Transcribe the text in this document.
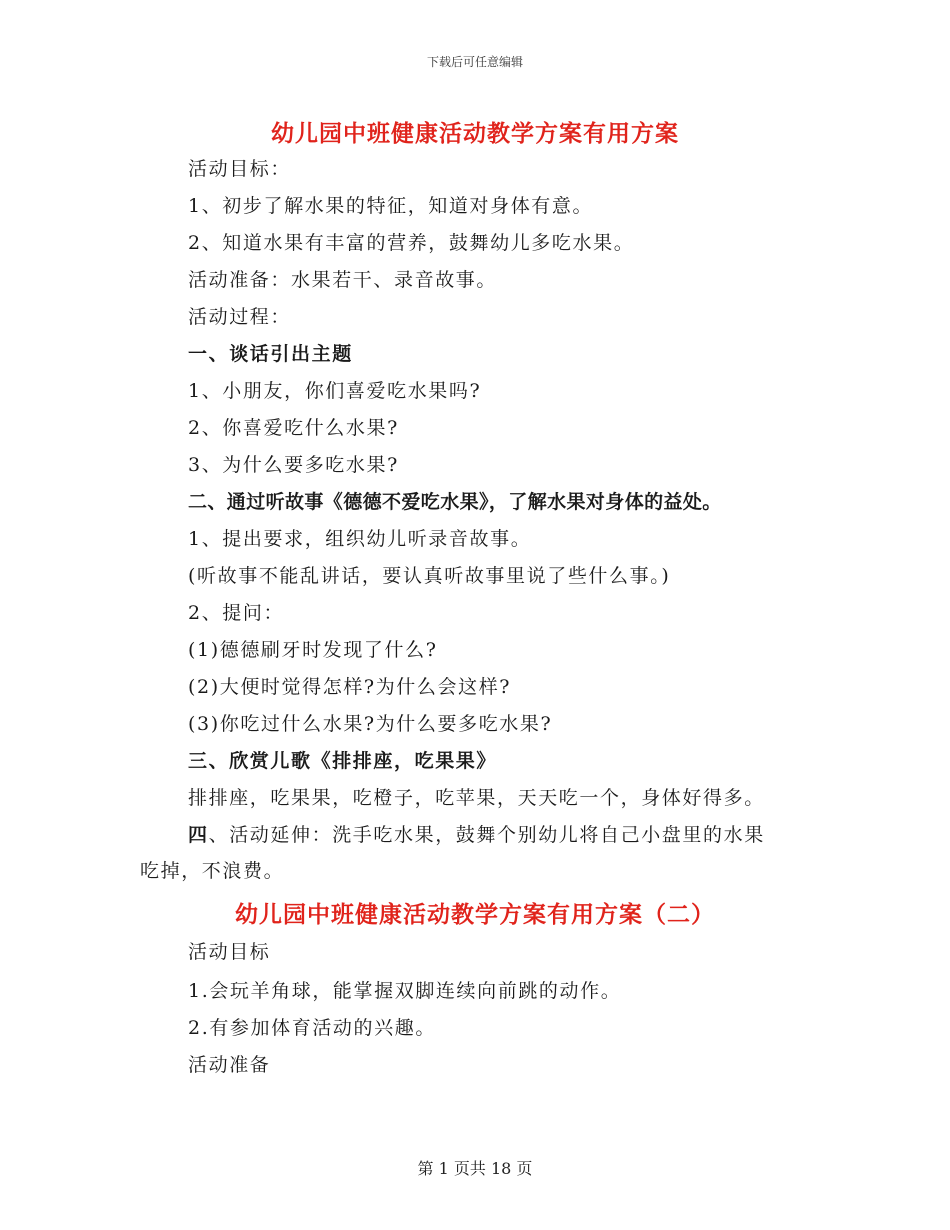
下载后可任意编辑
幼儿园中班健康活动教学方案有用方案
活动目标：
1、初步了解水果的特征，知道对身体有意。
2、知道水果有丰富的营养，鼓舞幼儿多吃水果。
活动准备：水果若干、录音故事。
活动过程：
一、谈话引出主题
1、小朋友，你们喜爱吃水果吗?
2、你喜爱吃什么水果?
3、为什么要多吃水果?
二、通过听故事《德德不爱吃水果》，了解水果对身体的益处。
1、提出要求，组织幼儿听录音故事。
(听故事不能乱讲话，要认真听故事里说了些什么事。)
2、提问：
(1)德德刷牙时发现了什么?
(2)大便时觉得怎样?为什么会这样?
(3)你吃过什么水果?为什么要多吃水果?
三、欣赏儿歌《排排座，吃果果》
排排座，吃果果，吃橙子，吃苹果，天天吃一个，身体好得多。
四、活动延伸：洗手吃水果，鼓舞个别幼儿将自己小盘里的水果
吃掉，不浪费。
幼儿园中班健康活动教学方案有用方案（二）
活动目标
1.会玩羊角球，能掌握双脚连续向前跳的动作。
2.有参加体育活动的兴趣。
活动准备
第 1 页共 18 页
